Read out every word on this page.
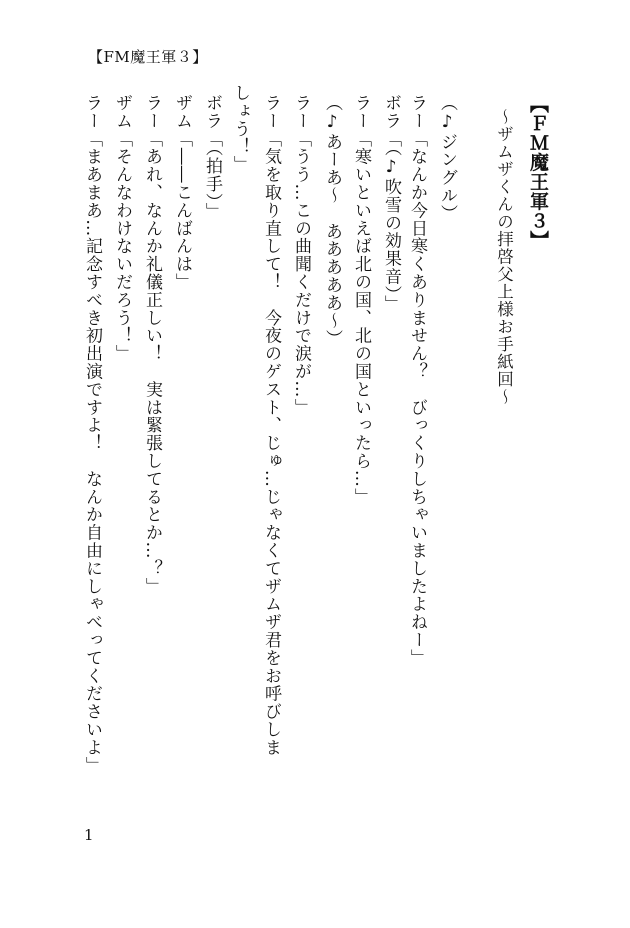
【FM魔王軍３】
【ＦＭ魔王軍３】
～ザムザくんの拝啓父上様お手紙回～
（♪ジングル）
ラー「なんか今日寒くありません？　びっくりしちゃいましたよねー」
ボラ「（♪吹雪の効果音）」
ラー「寒いといえば北の国、北の国といったら…」
（♪あーあ～　あああああ～）
ラー「うう…この曲聞くだけで涙が…」
ラー「気を取り直して！　今夜のゲスト、じゅ…じゃなくてザムザ君をお呼びしま
しょう！」
ボラ「（拍手）」
ザム「――こんばんは」
ラー「あれ、なんか礼儀正しい！　実は緊張してるとか…？」
ザム「そんなわけないだろう！」
ラー「まあまあ…記念すべき初出演ですよ！　なんか自由にしゃべってくださいよ」
1
